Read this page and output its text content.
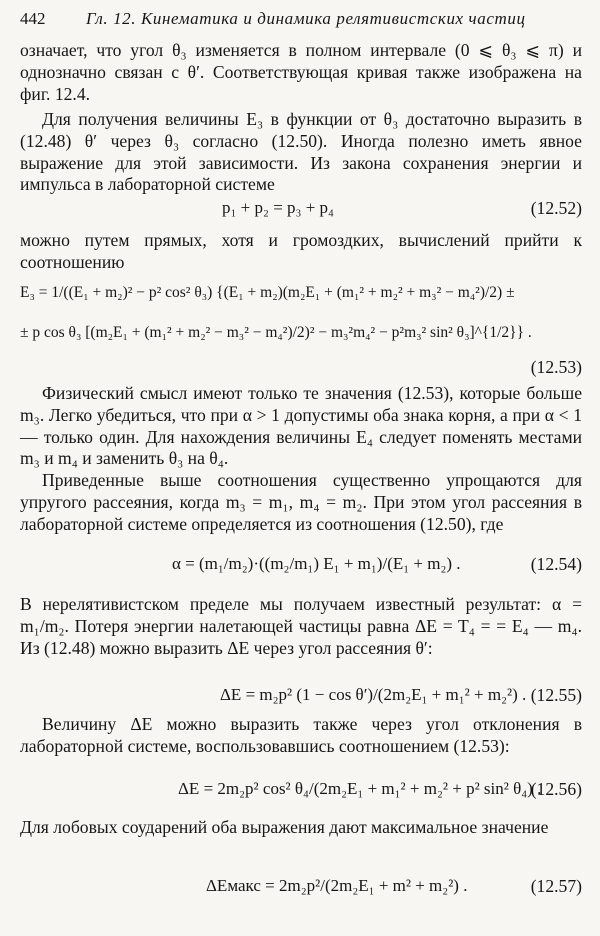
442 Гл. 12. Кинематика и динамика релятивистских частиц

означает, что угол θ₃ изменяется в полном интервале (0 ⩽ θ₃ ⩽ π) и однозначно связан с θ′. Соответствующая кривая также изображена на фиг. 12.4.

Для получения величины E₃ в функции от θ₃ достаточно выразить в (12.48) θ′ через θ₃ согласно (12.50). Иногда полезно иметь явное выражение для этой зависимости. Из закона сохранения энергии и импульса в лабораторной системе

p₁ + p₂ = p₃ + p₄	(12.52)

можно путем прямых, хотя и громоздких, вычислений прийти к соотношению

E₃ = 1/((E₁ + m₂)² − p² cos² θ₃) {(E₁ + m₂)(m₂E₁ + (m₁² + m₂² + m₃² − m₄²)/2) ±
± p cos θ₃ [(m₂E₁ + (m₁² + m₂² − m₃² − m₄²)/2)² − m₃²m₄² − p²m₃² sin² θ₃]^{1/2}} .
(12.53)

Физический смысл имеют только те значения (12.53), которые больше m₃. Легко убедиться, что при α > 1 допустимы оба знака корня, а при α < 1 — только один. Для нахождения величины E₄ следует поменять местами m₃ и m₄ и заменить θ₃ на θ₄.

Приведенные выше соотношения существенно упрощаются для упругого рассеяния, когда m₃ = m₁, m₄ = m₂. При этом угол рассеяния в лабораторной системе определяется из соотношения (12.50), где

α = (m₁/m₂)·((m₂/m₁) E₁ + m₁)/(E₁ + m₂) .	(12.54)

В нерелятивистском пределе мы получаем известный результат: α = m₁/m₂. Потеря энергии налетающей частицы равна ΔE = T₄ = = E₄ — m₄. Из (12.48) можно выразить ΔE через угол рассеяния θ′:

ΔE = m₂p² (1 − cos θ′)/(2m₂E₁ + m₁² + m₂²) . (12.55)

Величину ΔE можно выразить также через угол отклонения в лабораторной системе, воспользовавшись соотношением (12.53):

ΔE = 2m₂p² cos² θ₄/(2m₂E₁ + m₁² + m₂² + p² sin² θ₄) .
(12.56)

Для лобовых соударений оба выражения дают максимальное значение

ΔEмакс = 2m₂p²/(2m₂E₁ + m² + m₂²) .	(12.57)
